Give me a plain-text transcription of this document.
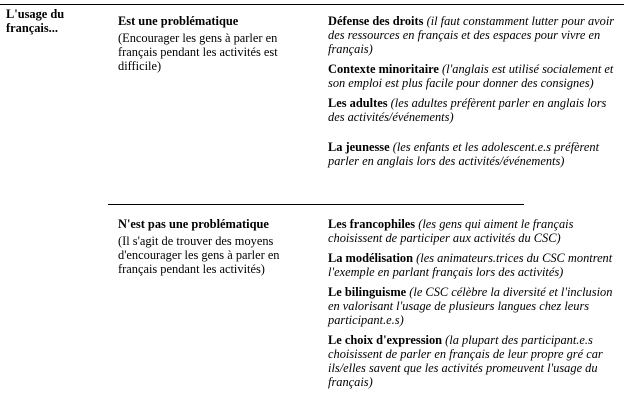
L'usage du français...	Est une problématique
(Encourager les gens à parler en français pendant les activités est difficile)
Défense des droits (il faut constamment lutter pour avoir des ressources en français et des espaces pour vivre en français)
Contexte minoritaire (l'anglais est utilisé socialement et son emploi est plus facile pour donner des consignes)
Les adultes (les adultes préfèrent parler en anglais lors des activités/événements)
La jeunesse (les enfants et les adolescent.e.s préfèrent parler en anglais lors des activités/événements)
N'est pas une problématique
(Il s'agit de trouver des moyens d'encourager les gens à parler en français pendant les activités)
Les francophiles (les gens qui aiment le français choisissent de participer aux activités du CSC)
La modélisation (les animateurs.trices du CSC montrent l'exemple en parlant français lors des activités)
Le bilinguisme (le CSC célèbre la diversité et l'inclusion en valorisant l'usage de plusieurs langues chez leurs participant.e.s)
Le choix d'expression (la plupart des participant.e.s choisissent de parler en français de leur propre gré car ils/elles savent que les activités promeuvent l'usage du français)
